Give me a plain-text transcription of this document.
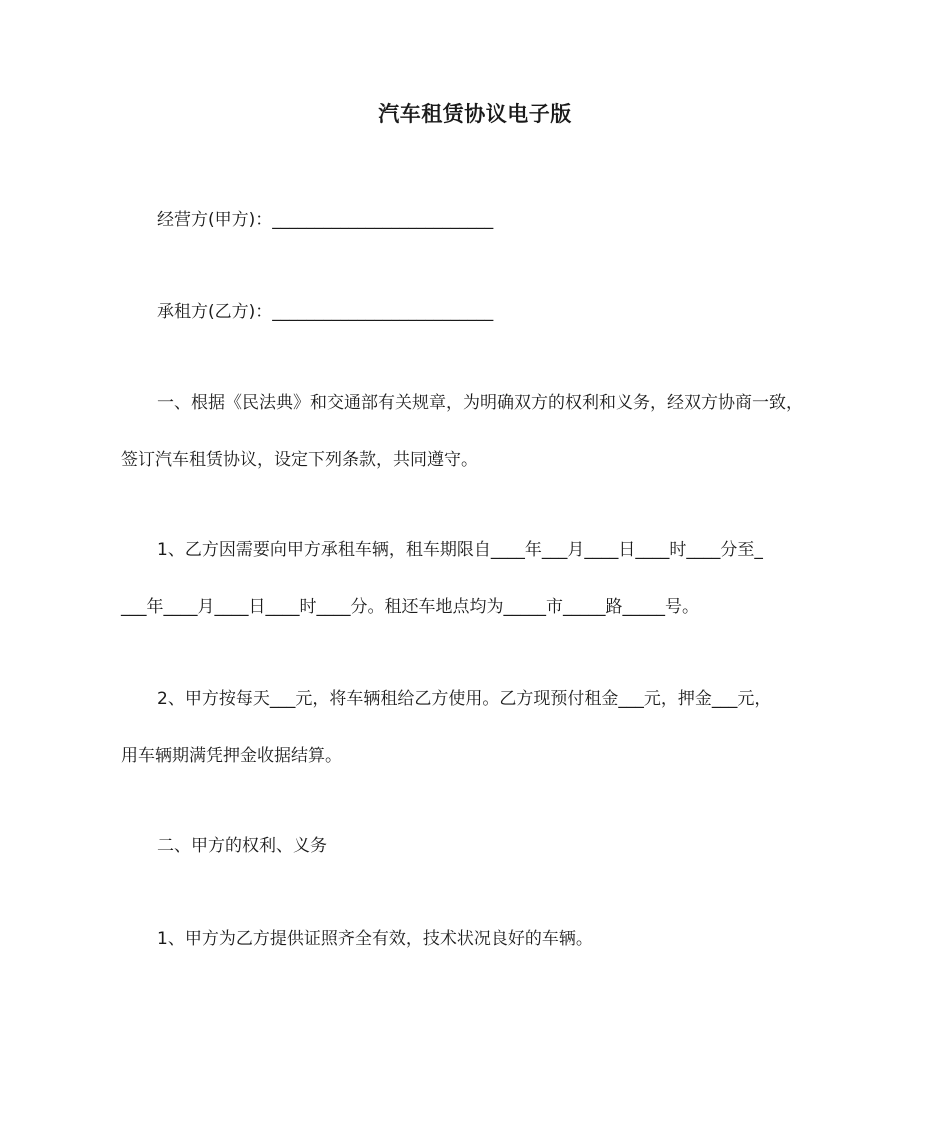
汽车租赁协议电子版
经营方(甲方)：__________________________
承租方(乙方)：__________________________
一、根据《民法典》和交通部有关规章，为明确双方的权利和义务，经双方协商一致，
签订汽车租赁协议，设定下列条款，共同遵守。
1、乙方因需要向甲方承租车辆，租车期限自____年___月____日____时____分至_
___年____月____日____时____分。租还车地点均为_____市_____路_____号。
2、甲方按每天___元，将车辆租给乙方使用。乙方现预付租金___元，押金___元，
用车辆期满凭押金收据结算。
二、甲方的权利、义务
1、甲方为乙方提供证照齐全有效，技术状况良好的车辆。
